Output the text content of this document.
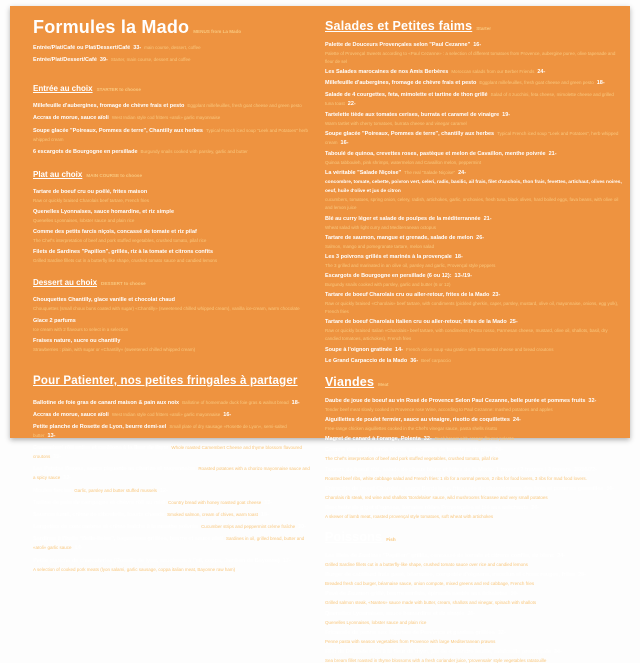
Formules la Mado MENUS from La Mado
Entrée/Plat/Café ou Plat/Dessert/Café 33- main course, dessert, coffee
Entrée/Plat/Dessert/Café 39- Starter, main course, dessert and coffee
Entrée au choix STARTER to choose
Millefeuille d'aubergines, fromage de chèvre frais et pesto Eggplant millefeuilles, fresh goat cheese and green pesto
Accras de morue, sauce aïoli West Indian style cod fritters «aïoli» garlic mayonnaise
Soupe glacée "Poireaux, Pommes de terre", Chantilly aux herbes Typical French iced soup "Leek and Potatoes" herb whipped cream
6 escargots de Bourgogne en persillade Burgundy snails cooked with parsley, garlic and butter
Plat au choix MAIN COURSE to choose
Tartare de boeuf cru ou poêlé, frites maison
Raw or quickly braised Charolais beef tartare, French fries
Quenelles Lyonnaises, sauce homardine, et riz simple
Quenelles Lyonnaises, lobster sauce and plain rice
Comme des petits farcis niçois, concassé de tomate et riz pilaf
The Chef's interpretation of beef and pork stuffed vegetables, crushed tomato, pilaf rice
Filets de Sardines "Papillon", grillés, riz à la tomate et citrons confits
Grilled Sardine fillets cut in a butterfly like shape, crushed tomato sauce and candied lemons
Dessert au choix DESSERT to choose
Chouquettes Chantilly, glace vanille et chocolat chaud
Chouquettes (small choux buns coated with sugar) «Chantilly» (sweetened chilled whipped cream), vanilla ice-cream, warm chocolate
Glace 2 parfums
Ice cream with 2 flavours to select in a selection
Fraises nature, sucre ou chantilly
Strawberries : plain, with sugar or «Chantilly» (sweetened chilled whipped cream)
Pour Patienter, nos petites fringales à partager
Ballotine de foie gras de canard maison & pain aux noix Ballotine of homemade duck foie gras & walnut bread 18-
Accras de morue, sauce aïoli West Indian style cod fritters «aïoli» garlic mayonnaise 16-
Petite planche de Rosette de Lyon, beurre demi-sel Small plate of dry sausage «Rosette de Lyon», semi-salted butter 13-
Camembert rôti entier et croûtons à la fleur de thym Whole roasted Camembert Cheese and thyme blossom flavoured croutons 15-
Les Patatas Bravas, sauce piquante au chorizo et mayonnaise Roasted potatoes with a chorizo mayonnaise sauce and a spicy sauce 12-
Moules farcies Garlic, parsley and butter stuffed mussels 12-
Tartine de pain de campagne et chèvre rôti au miel Country bread with honey roasted goat cheese 13-
Saumon fumé, crème de ciboulette, toasts chauds Smoked salmon, cream of chives, warm toast 18-
Longettes de concombres et crème fraîche à la menthe poivrée Cucumber strips and peppermint crème fraîche 10-
Sardines à l'huile "Belle-Iloise", baguetines grillées, beurre et sauce aïoli Sardines in oil, grilled bread, butter and «aïoli» garlic sauce 14-
Petite planche de charcuteries (Rosette de lyon, saucisson à l'ail, coppa, Jambon de Bayonne) 17-
A selection of cooked pork meats (lyon salami, garlic sausage, coppa italian meat, Bayonne raw ham)
Salades et Petites faims Starter
Palette de Douceurs Provençales selon "Paul Cezanne" 16-
Palette of Provençal Sweets according to «Paul Cezanne» : a selection of different tomatoes from Provence, aubergine puree, olive tapenade and fleur de sel
Les Salades marocaines de nos Amis Berbères Moroccan salads from our Berber Friends 24-
Millefeuille d'aubergines, fromage de chèvre frais et pesto Eggplant millefeuilles, fresh goat cheese and green pesto 18-
Salade de 4 courgettes, feta, mimolette et tartine de thon grillé Salad of 4 zucchini, feta cheese, mimolette cheese and grilled tuna toast 22-
Tartelette tiède aux tomates cerises, burrata et caramel de vinaigre 19-
Warm tartlet with cherry tomatoes, burrata cheese and vinegar caramel
Soupe glacée "Poireaux, Pommes de terre", chantilly aux herbes Typical French iced soup "Leek and Potatoes", herb whipped cream 16-
Taboulé de quinoa, crevettes roses, pastèque et melon de Cavaillon, menthe poivrée 21-
Quinoa tabbouleh, pink shrimps, watermelon and Cavaillon melon, peppermint
La véritable "Salade Niçoise" The real "Salade Niçoise" 24-
concombre, tomate, cebette, poivron vert, celeri, radis, basilic, ail frais, filet d'anchois, thon frais, fevettes, artichaut, olives noires, oeuf, huile d'olive et jus de citron
cucumbers, tomatoes, spring onion, celery, radish, artichokes, garlic, anchovies, fresh tuna, black olives, hard boiled eggs, fava beans, with olive oil and lemon juice
Blé au curry léger et salade de poulpes de la méditerrannée 21-
Wheat salad with light curry and Mediterranean octopus
Tartare de saumon, mangue et grenade, salade de melon 26-
Salmon, mango and pomegranate tartare, melon salad
Les 3 poivrons grillés et marinés à la provençale 18-
The 3 grilled and marinated in an olive oil, parsley and garlic, Provençal style peppers
Escargots de Bourgogne en persillade (6 ou 12): 13-/19-
Burgundy snails cooked with parsley, garlic and butter (6 or 12)
Tartare de boeuf Charolais cru ou aller-retour, frites de la Mado 23-
Raw or quickly braised «Charolais» beef tartare, with condiments (pickled gherkin, caper, parsley, mustard, olive oil, mayonnaise, onions, egg yolk), French fries
Tartare de boeuf Charolais Italien cru ou aller-retour, frites de la Mado 25-
Raw or quickly braised Italian «Charolais» beef tartare, with condiments (Pesto rosso, Parmesan cheese, mustard, olive oil, shallots, basil, dry candied tomatoes, artichokes), French fries
Soupe à l'oignon gratinée 14- French onion soup «au gratin» with Emmental cheese and bread croutons
Le Grand Carpaccio de la Mado 36- Beef carpaccio
Viandes Meat
Daube de joue de boeuf au vin Rosé de Provence Selon Paul Cezanne, belle purée et pommes fruits 32-
Tender beef meat slowly cooked in Provence rose Wine, according to Paul Cezanne: mashed potatoes and apples
Aiguillettes de poulet fermier, sauce au vinaigre, risotto de coquillettes 24-
Free-range chicken aiguillettes cooked in the Chef's vinegar sauce, pasta shells risotto
Magret de canard à l'orange, Polenta 32- Duck breast with orange flavour polenta
Comme des petits farcis niçois, concassée de tomate et riz pilaf 24-
The Chef's interpretation of beef and pork stuffed vegetables, crushed tomato, pilaf rice
Travers de boeuf rôti, salade de choux blanc et frites de la Mado: 1 traver / 2 travers / 3 travers 35/56/72-
Roasted beef ribs, white cabbage salad and French fries: 1 rib for a normal person, 2 ribs for food lovers, 3 ribs for mad food lovers.
Entrecôte de boeuf Charolais, sauce Bordelaise, fricassée de champignons des bois et pommes grenailles 36-
Charolais rib steak, red wine and shallots 'Bordelaise' sauce, wild mushrooms fricassee and very small potatoes
Brochette de gigot d'agneau, tomates rôties Provençales et blé aux artichauts 30-
A skewer of lamb meat, roasted provençal style tomatoes, soft wheat with artichokes
Poissons Fish
Les filets de Sardines "Papillon" grillés, concassé de tomate et citrons confits, riz blanc 24-
Grilled Sardine fillets cut in a butterfly-like shape, crushed tomato sauce over rice and candied lemons
Burger de cabillaud frais pané, béarnaise, compotée d'oignons, mesclun et choux rouges, frites 28-
Breaded fresh cod burger, béarnaise sauce, onion compote, mixed greens and red cabbage, French fries
Pavé de Saumon grillé, beurre nantais, épinards sautés aux échalotes 30-
Grilled salmon steak, «Nantes» sauce made with butter, cream, shallots and vinegar, spinach with shallots
Quenelles Lyonnaises, sauce homardine et riz simple 26-
Quenelles Lyonnaises, lobster sauce and plain rice
Fricassée de penne aux légumes de Provence et gambas grillées 32-
Penne pasta with season vegetables from Provence with large Mediterranean prawns
Filet de Daurade rôtis à la fleur de thym, jus de coriandre feuille, ratatouille provençale 34-
Sea bream fillet roasted in thyme blossoms with a fresh coriander juice, 'provensale' style vegetables ratatouille
